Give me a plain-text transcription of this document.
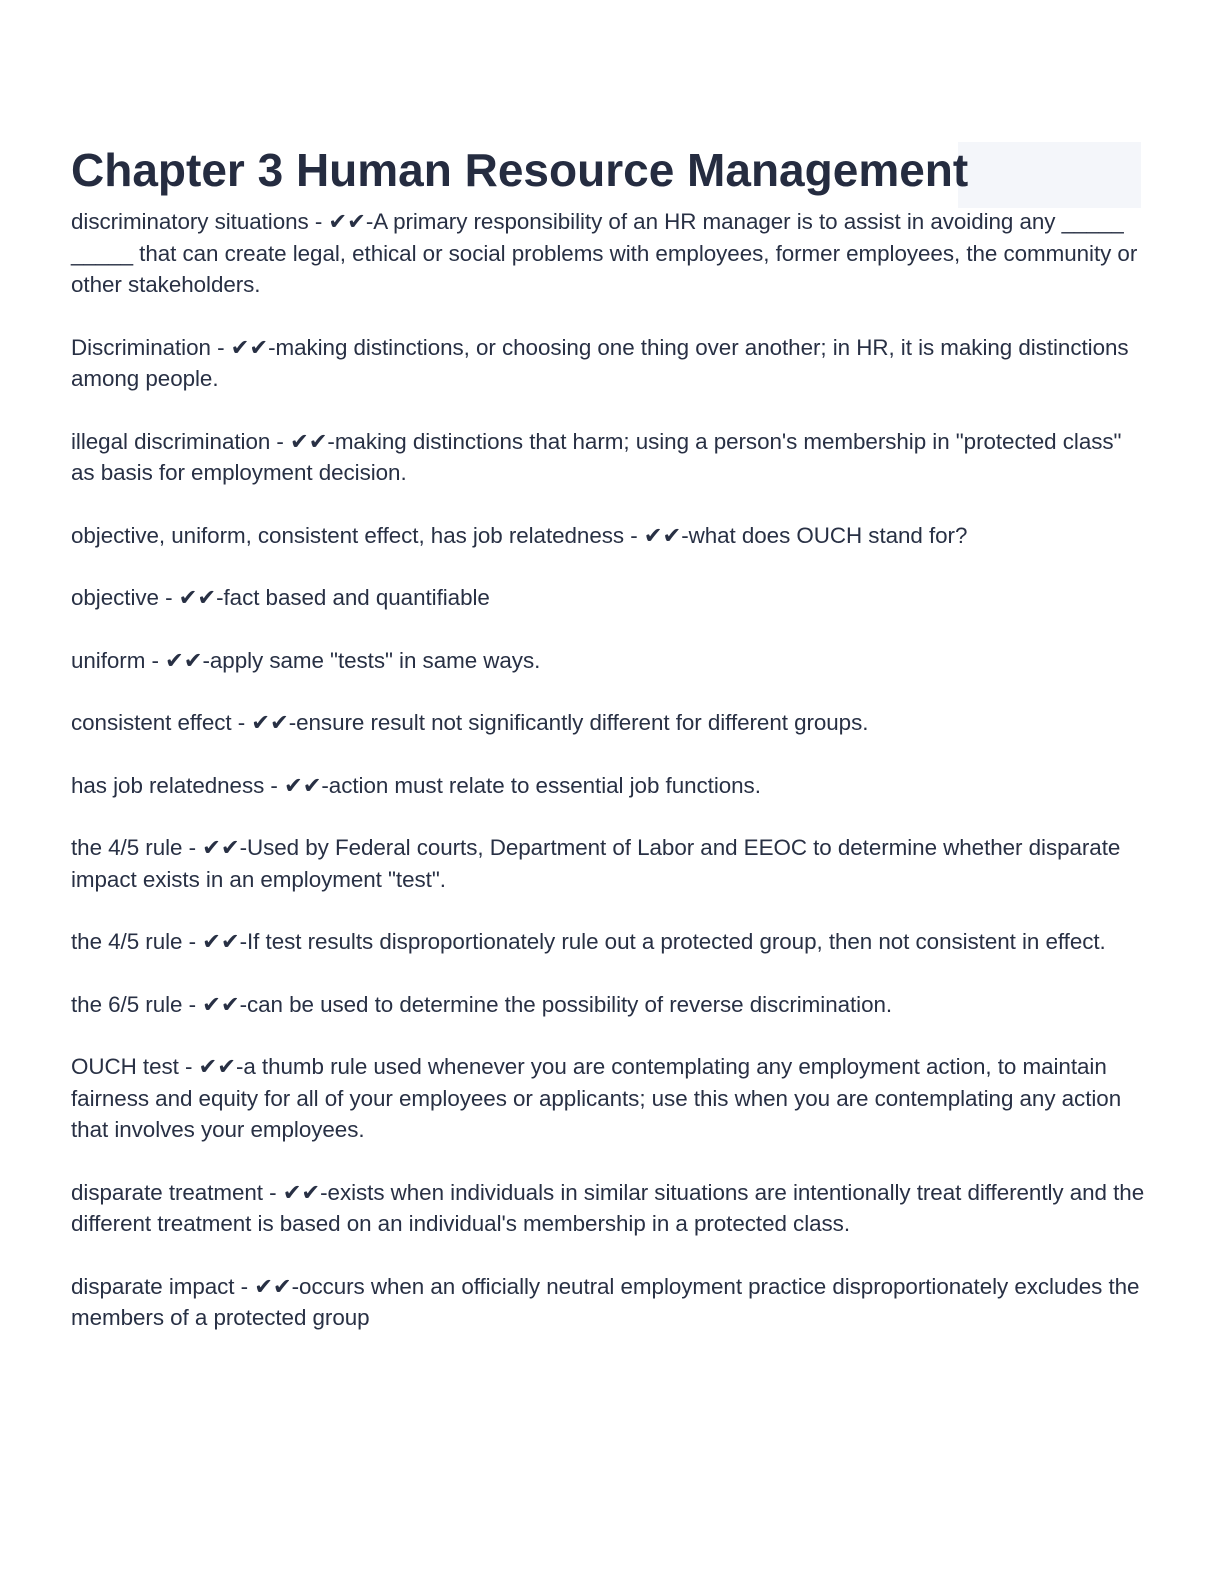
Chapter 3 Human Resource Management

discriminatory situations - ✔✔-A primary responsibility of an HR manager is to assist in avoiding any _____ _____ that can create legal, ethical or social problems with employees, former employees, the community or other stakeholders.

Discrimination - ✔✔-making distinctions, or choosing one thing over another; in HR, it is making distinctions among people.

illegal discrimination - ✔✔-making distinctions that harm; using a person's membership in "protected class" as basis for employment decision.

objective, uniform, consistent effect, has job relatedness - ✔✔-what does OUCH stand for?

objective - ✔✔-fact based and quantifiable

uniform - ✔✔-apply same "tests" in same ways.

consistent effect - ✔✔-ensure result not significantly different for different groups.

has job relatedness - ✔✔-action must relate to essential job functions.

the 4/5 rule - ✔✔-Used by Federal courts, Department of Labor and EEOC to determine whether disparate impact exists in an employment "test".

the 4/5 rule - ✔✔-If test results disproportionately rule out a protected group, then not consistent in effect.

the 6/5 rule - ✔✔-can be used to determine the possibility of reverse discrimination.

OUCH test - ✔✔-a thumb rule used whenever you are contemplating any employment action, to maintain fairness and equity for all of your employees or applicants; use this when you are contemplating any action that involves your employees.

disparate treatment - ✔✔-exists when individuals in similar situations are intentionally treat differently and the different treatment is based on an individual's membership in a protected class.

disparate impact - ✔✔-occurs when an officially neutral employment practice disproportionately excludes the members of a protected group
